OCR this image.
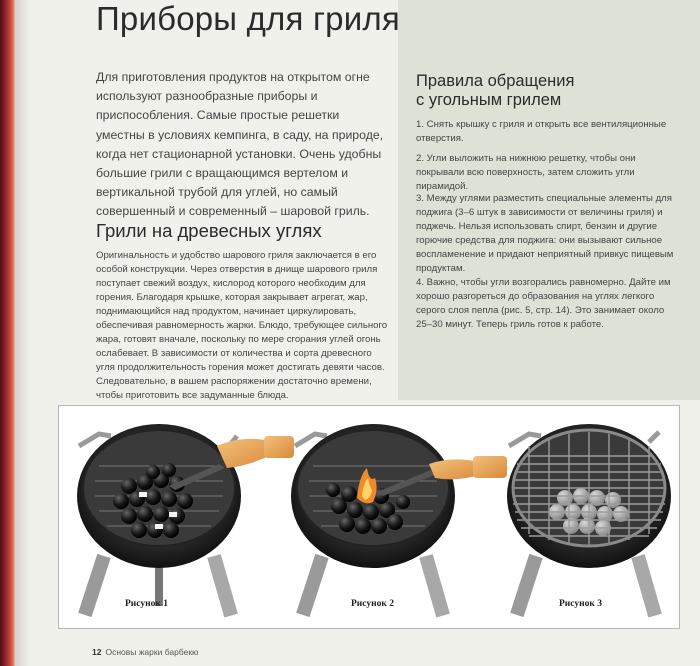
Приборы для гриля

Для приготовления продуктов на открытом огне используют разнообразные приборы и приспособления. Самые простые решетки уместны в условиях кемпинга, в саду, на природе, когда нет стационарной установки. Очень удобны большие грили с вращающимся вертелом и вертикальной трубой для углей, но самый совершенный и современный – шаровой гриль.

Грили на древесных углях

Оригинальность и удобство шарового гриля заключается в его особой конструкции. Через отверстия в днище шарового гриля поступает свежий воздух, кислород которого необходим для горения. Благодаря крышке, которая закрывает агрегат, жар, поднимающийся над продуктом, начинает циркулировать, обеспечивая равномерность жарки. Блюдо, требующее сильного жара, готовят вначале, поскольку по мере сгорания углей огонь ослабевает. В зависимости от количества и сорта древесного угля продолжительность горения может достигать девяти часов. Следовательно, в вашем распоряжении достаточно времени, чтобы приготовить все задуманные блюда.

Правила обращения
с угольным грилем

1. Снять крышку с гриля и открыть все вентиляционные отверстия.

2. Угли выложить на нижнюю решетку, чтобы они покрывали всю поверхность, затем сложить угли пирамидой.

3. Между углями разместить специальные элементы для поджига (3–6 штук в зависимости от величины гриля) и поджечь. Нельзя использовать спирт, бензин и другие горючие средства для поджига: они вызывают сильное воспламенение и придают неприятный привкус пищевым продуктам.

4. Важно, чтобы угли возгорались равномерно. Дайте им хорошо разгореться до образования на углях легкого серого слоя пепла (рис. 5, стр. 14). Это занимает около 25–30 минут. Теперь гриль готов к работе.

Рисунок 1	Рисунок 2	Рисунок 3
12 Основы жарки барбекю
